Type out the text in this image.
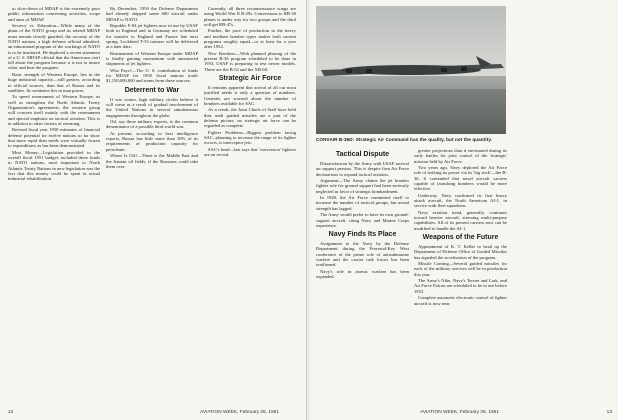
to slow-down of MDAP is the extremely poor public information concerning activities, scope and aims of MDAP.

Secrecy vs. Education—While many of the plans of the NATO group and its related MDAP must remain closely guarded, the security of the NATO nations, a high defense official admitted, an educational program of the workings of NATO is to be instituted. He deplored a recent statement of a U. S. MDAP official that the Americans can't tell about the program because it is not to insure what, and hurt the program.

Basic strength of Western Europe, lies in the huge industrial capacity—still greater, according to official sources, than that of Russia and its satellites. Its weakness lies in man power.

To speed rearmament of Western Europe, as well as strengthen the North Atlantic Treaty Organization's agreements, the western group will concern itself mainly with the rearmament and special emphasis on tactical aviation. This is in addition to other factors of rearming.

Revised fiscal year 1950 estimates of financial defense potential for twelve nations so far show that more rapid than needs were virtually frozen to expenditures as has been demonstrated.

Most Money—Legislation provided in the overall fiscal 1951 budget, included these funds to NATO nations, most important to North Atlantic Treaty Nations in new legislation was the fact that this money could be spent in actual industrial rehabilitation.

By December, 1950 the Defense Department had already shipped some 600 aircraft under MDAP to NATO.

Republic F-84 jet fighters now in use by USAF both in England and in Germany are scheduled for transfer to England and France late next spring. Lockheed T-33 trainers will be delivered at a later date.

Rearmament of Western Europe under MDAP is finally gaining momentum with announced shipments of jet fighters.

Who Pays?—The U. S. contribution of funds for MDAP for 1950 fiscal nations totals $1,150,000,000 and stems from these sources.

Deterrent to War

If war comes, high military circles believe it will come as a result of gradual involvement of the United Nations in several simultaneous engagements throughout the globe.

Oil, say these military experts, is the common denominator of a possible third world war.

At present, according to best intelligence reports, Russia has little more than 30% of its requirements of production capacity for petroleum.

Where Is Oil?—There is the Middle East and the Iranian oil fields, if the Russians could take them over.

Currently, all three reconnaissance wings are using World War II B-29s. Conversions to RB-36 planes is under way for two groups and the third will get RB-47s.

Further, the pace of production in the heavy and medium bomber types makes both current programs roughly equal—or at least for a year after 1952.

New Bombers—With planned phasing of the present B-36 program scheduled to be done in 1953, USAF is preparing to test newer models. These are the B-52 and the XB-60.

Strategic Air Force

It remains apparent that arrival of all our most justified needs is only a question of numbers. Generals are worried about the number of bombers available for SAC.

As a result, the Joint Chiefs of Staff have held that, until guided missiles are a part of the defense picture, no strategic air force can be regarded as complete.

Fighter Problems—Biggest problem facing SAC, planning to increase the range of its fighter escorts, is interceptor jets.

SAC's head—last says that 'conversion' fighters are on record.

12	AVIATION WEEK, February 26, 1951
CONVAIR B-36D: Strategic Air Command has the quality, but not the quantity.
Tactical Dispute

Dissatisfaction by the Army with USAF tactical air support persists. This is despite firm Air Force declarations to expand tactical aviation.

Argument—The Army claims the jet bomber fighter role for ground support had been seriously neglected in favor of strategic bombardment.

In 1948, the Air Force committed itself to increase the number of tactical groups, but actual strength has lagged.

The Army would prefer to have its own ground-support aircraft, citing Navy and Marine Corps experience.

Navy Finds Its Place

Assignment to the Navy by the Defense Department during the Forrestal-Key West conference of the prime role of antisubmarine warfare and the carrier task forces has been reaffirmed.

Navy's role in atomic warfare has been expanded.

greater projections than it envisioned during its early battles for joint control of the 'strategic' mission held by Air Force.

Two years ago, Navy deplored the Air Force role of striking its power via its 'big stick'—the B-36. It contended that naval aircraft carriers capable of launching bombers would be more effective.

Underway. Navy confirmed its first heavy attack aircraft, the North American AJ-1, in service with fleet squadrons.

Navy aviation trend, generally, continues toward heavier aircraft, stressing multi-purpose capabilities. All of its present carriers now can be modified to handle the AJ-1.

Weapons of the Future

Appointment of K. T. Keller to head up the Department of Defense Office of Guided Missiles has signaled the acceleration of the program.

Missile Coming—Several guided missiles for each of the military services will be in production this year.

The Army's Nike, Navy's Terrier and Lark, and Air Force Falcon are scheduled to be in use before 1953.

Complete automatic electronic control of fighter aircraft is now near.

AVIATION WEEK, February 26, 1951	13
